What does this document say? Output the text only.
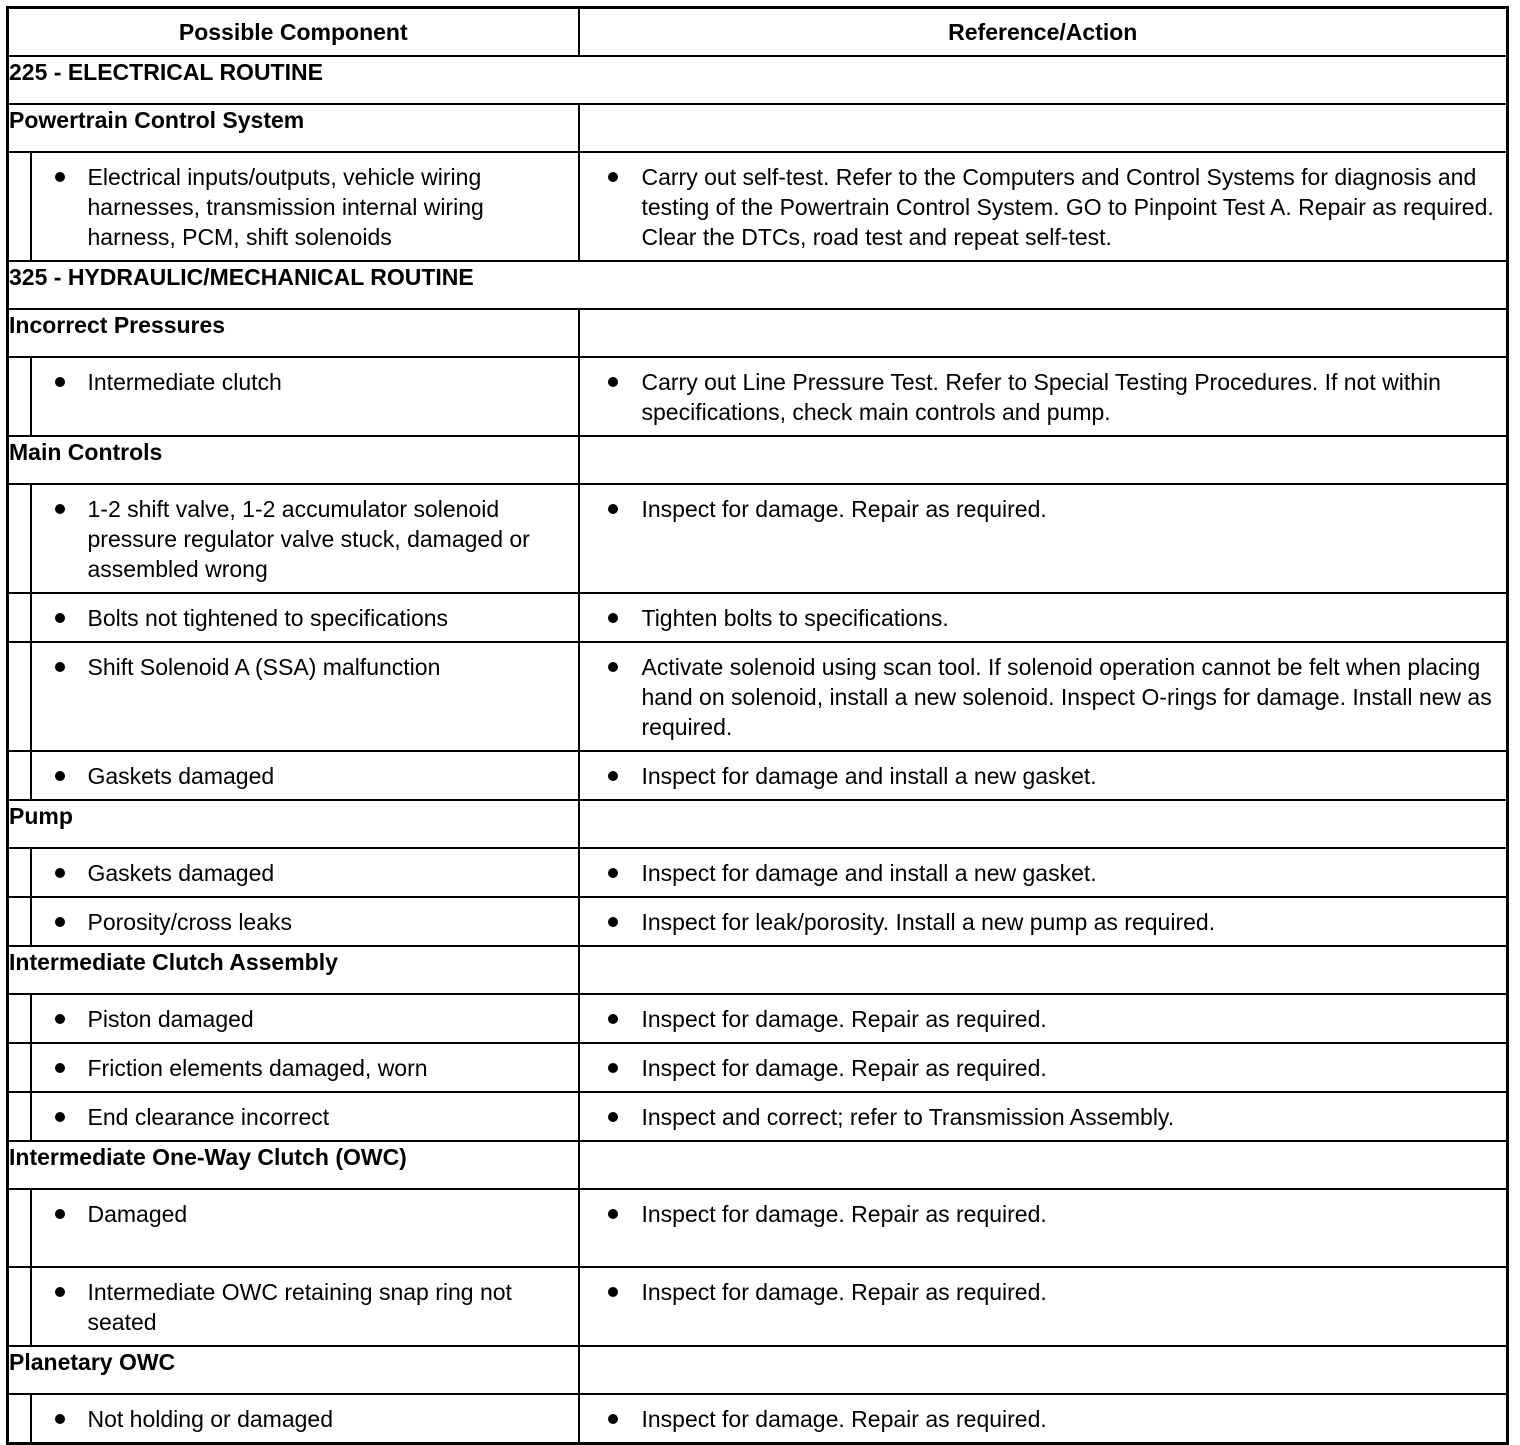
Possible Component		Reference/Action
225 - ELECTRICAL ROUTINE		
Powertrain Control System		

	Electrical inputs/outputs, vehicle wiring harnesses, transmission internal wiring harness, PCM, shift solenoids	Carry out self-test. Refer to the Computers and Control Systems for diagnosis and testing of the Powertrain Control System. GO to Pinpoint Test A. Repair as required. Clear the DTCs, road test and repeat self-test.

325 - HYDRAULIC/MECHANICAL ROUTINE		
Incorrect Pressures		

	Intermediate clutch	Carry out Line Pressure Test. Refer to Special Testing Procedures. If not within specifications, check main controls and pump.

Main Controls		

	1-2 shift valve, 1-2 accumulator solenoid pressure regulator valve stuck, damaged or assembled wrong	Inspect for damage. Repair as required.

	Bolts not tightened to specifications	Tighten bolts to specifications.

	Shift Solenoid A (SSA) malfunction	Activate solenoid using scan tool. If solenoid operation cannot be felt when placing hand on solenoid, install a new solenoid. Inspect O-rings for damage. Install new as required.

	Gaskets damaged	Inspect for damage and install a new gasket.

Pump		

	Gaskets damaged	Inspect for damage and install a new gasket.

	Porosity/cross leaks	Inspect for leak/porosity. Install a new pump as required.

Intermediate Clutch Assembly		

	Piston damaged	Inspect for damage. Repair as required.

	Friction elements damaged, worn	Inspect for damage. Repair as required.

	End clearance incorrect	Inspect and correct; refer to Transmission Assembly.

Intermediate One-Way Clutch (OWC)		

	Damaged	Inspect for damage. Repair as required.

	Intermediate OWC retaining snap ring not seated	Inspect for damage. Repair as required.

Planetary OWC		

	Not holding or damaged	Inspect for damage. Repair as required.
